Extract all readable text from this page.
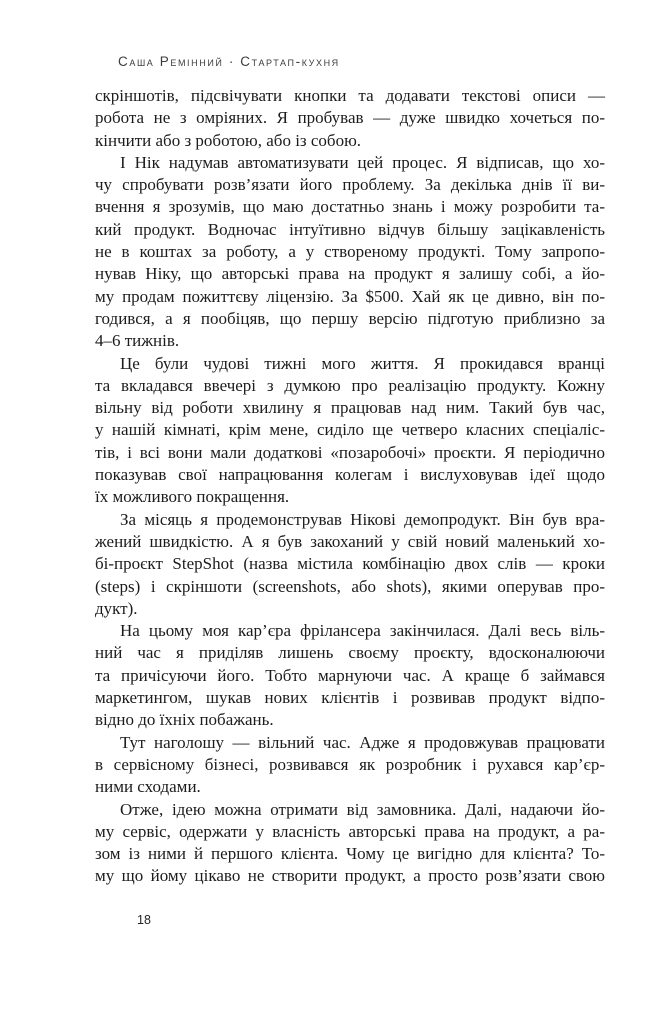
Саша Ремінний · Стартап-кухня
скріншотів, підсвічувати кнопки та додавати текстові описи —
робота не з омріяних. Я пробував — дуже швидко хочеться по-
кінчити або з роботою, або із собою.
І Нік надумав автоматизувати цей процес. Я відписав, що хо-
чу спробувати розв’язати його проблему. За декілька днів її ви-
вчення я зрозумів, що маю достатньо знань і можу розробити та-
кий продукт. Водночас інтуїтивно відчув більшу зацікавленість
не в коштах за роботу, а у створеному продукті. Тому запропо-
нував Ніку, що авторські права на продукт я залишу собі, а йо-
му продам пожиттєву ліцензію. За $500. Хай як це дивно, він по-
годився, а я пообіцяв, що першу версію підготую приблизно за
4–6 тижнів.
Це були чудові тижні мого життя. Я прокидався вранці
та вкладався ввечері з думкою про реалізацію продукту. Кожну
вільну від роботи хвилину я працював над ним. Такий був час,
у нашій кімнаті, крім мене, сиділо ще четверо класних спеціаліс-
тів, і всі вони мали додаткові «позаробочі» проєкти. Я періодично
показував свої напрацювання колегам і вислуховував ідеї щодо
їх можливого покращення.
За місяць я продемонстрував Нікові демопродукт. Він був вра-
жений швидкістю. А я був закоханий у свій новий маленький хо-
бі-проєкт StepShot (назва містила комбінацію двох слів — кроки
(steps) і скріншоти (screenshots, або shots), якими оперував про-
дукт).
На цьому моя кар’єра фрілансера закінчилася. Далі весь віль-
ний час я приділяв лишень своєму проєкту, вдосконалюючи
та причісуючи його. Тобто марнуючи час. А краще б займався
маркетингом, шукав нових клієнтів і розвивав продукт відпо-
відно до їхніх побажань.
Тут наголошу — вільний час. Адже я продовжував працювати
в сервісному бізнесі, розвивався як розробник і рухався кар’єр-
ними сходами.
Отже, ідею можна отримати від замовника. Далі, надаючи йо-
му сервіс, одержати у власність авторські права на продукт, а ра-
зом із ними й першого клієнта. Чому це вигідно для клієнта? То-
му що йому цікаво не створити продукт, а просто розв’язати свою
18
